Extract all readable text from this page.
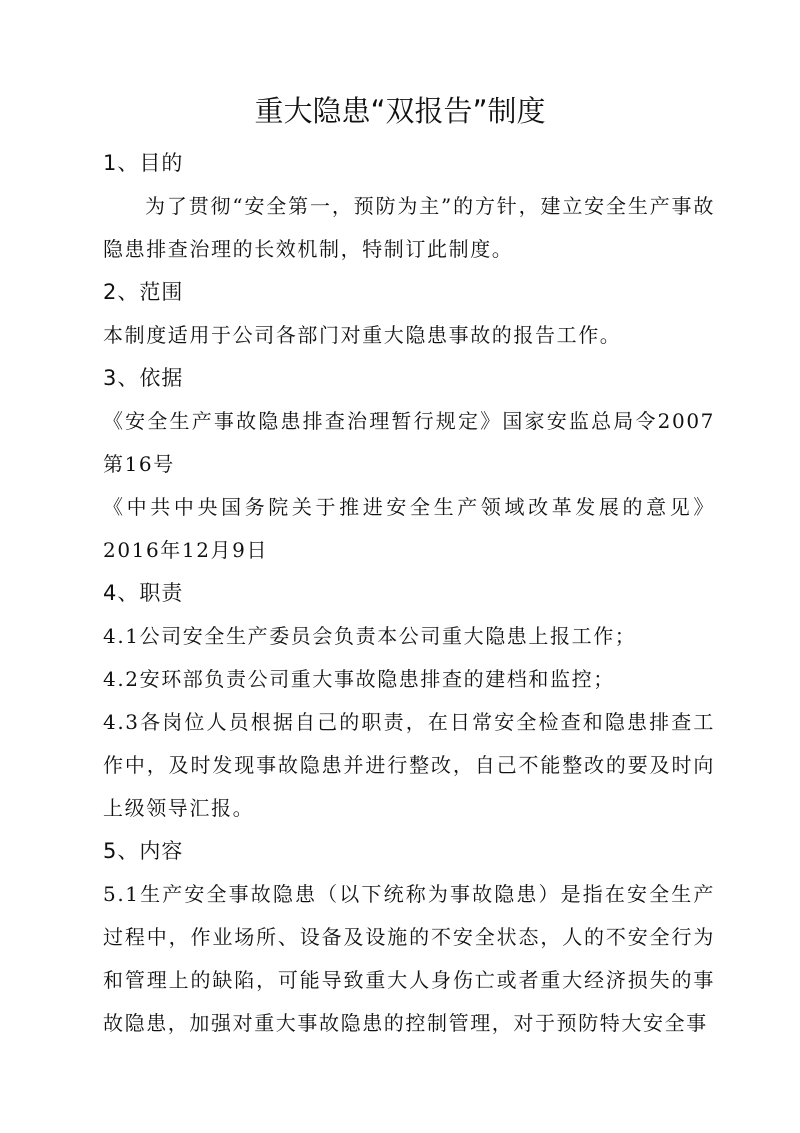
重大隐患“双报告”制度
1、目的

为了贯彻“安全第一，预防为主”的方针，建立安全生产事故隐患排查治理的长效机制，特制订此制度。

2、范围

本制度适用于公司各部门对重大隐患事故的报告工作。

3、依据

《安全生产事故隐患排查治理暂行规定》国家安监总局令2007第16号

《中共中央国务院关于推进安全生产领域改革发展的意见》2016年12月9日

4、职责

4.1公司安全生产委员会负责本公司重大隐患上报工作；

4.2安环部负责公司重大事故隐患排查的建档和监控；

4.3各岗位人员根据自己的职责，在日常安全检查和隐患排查工作中，及时发现事故隐患并进行整改，自己不能整改的要及时向上级领导汇报。

5、内容

5.1生产安全事故隐患（以下统称为事故隐患）是指在安全生产过程中，作业场所、设备及设施的不安全状态，人的不安全行为和管理上的缺陷，可能导致重大人身伤亡或者重大经济损失的事故隐患，加强对重大事故隐患的控制管理，对于预防特大安全事
